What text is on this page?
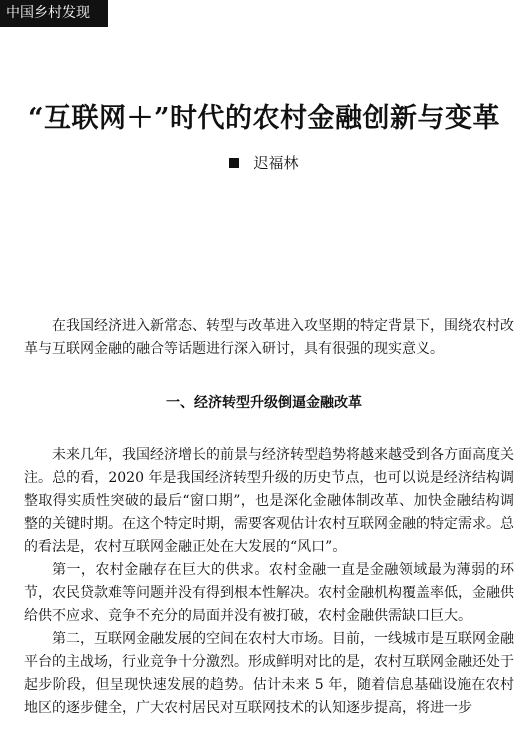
中国乡村发现
“互联网＋”时代的农村金融创新与变革
迟福林

在我国经济进入新常态、转型与改革进入攻坚期的特定背景下，围绕农村改革与互联网金融的融合等话题进行深入研讨，具有很强的现实意义。

一、经济转型升级倒逼金融改革

未来几年，我国经济增长的前景与经济转型趋势将越来越受到各方面高度关注。总的看，2020 年是我国经济转型升级的历史节点，也可以说是经济结构调整取得实质性突破的最后“窗口期”，也是深化金融体制改革、加快金融结构调整的关键时期。在这个特定时期，需要客观估计农村互联网金融的特定需求。总的看法是，农村互联网金融正处在大发展的“风口”。

第一，农村金融存在巨大的供求。农村金融一直是金融领域最为薄弱的环节，农民贷款难等问题并没有得到根本性解决。农村金融机构覆盖率低，金融供给供不应求、竞争不充分的局面并没有被打破，农村金融供需缺口巨大。

第二，互联网金融发展的空间在农村大市场。目前，一线城市是互联网金融平台的主战场，行业竞争十分激烈。形成鲜明对比的是，农村互联网金融还处于起步阶段，但呈现快速发展的趋势。估计未来 5 年，随着信息基础设施在农村地区的逐步健全，广大农村居民对互联网技术的认知逐步提高，将进一步
